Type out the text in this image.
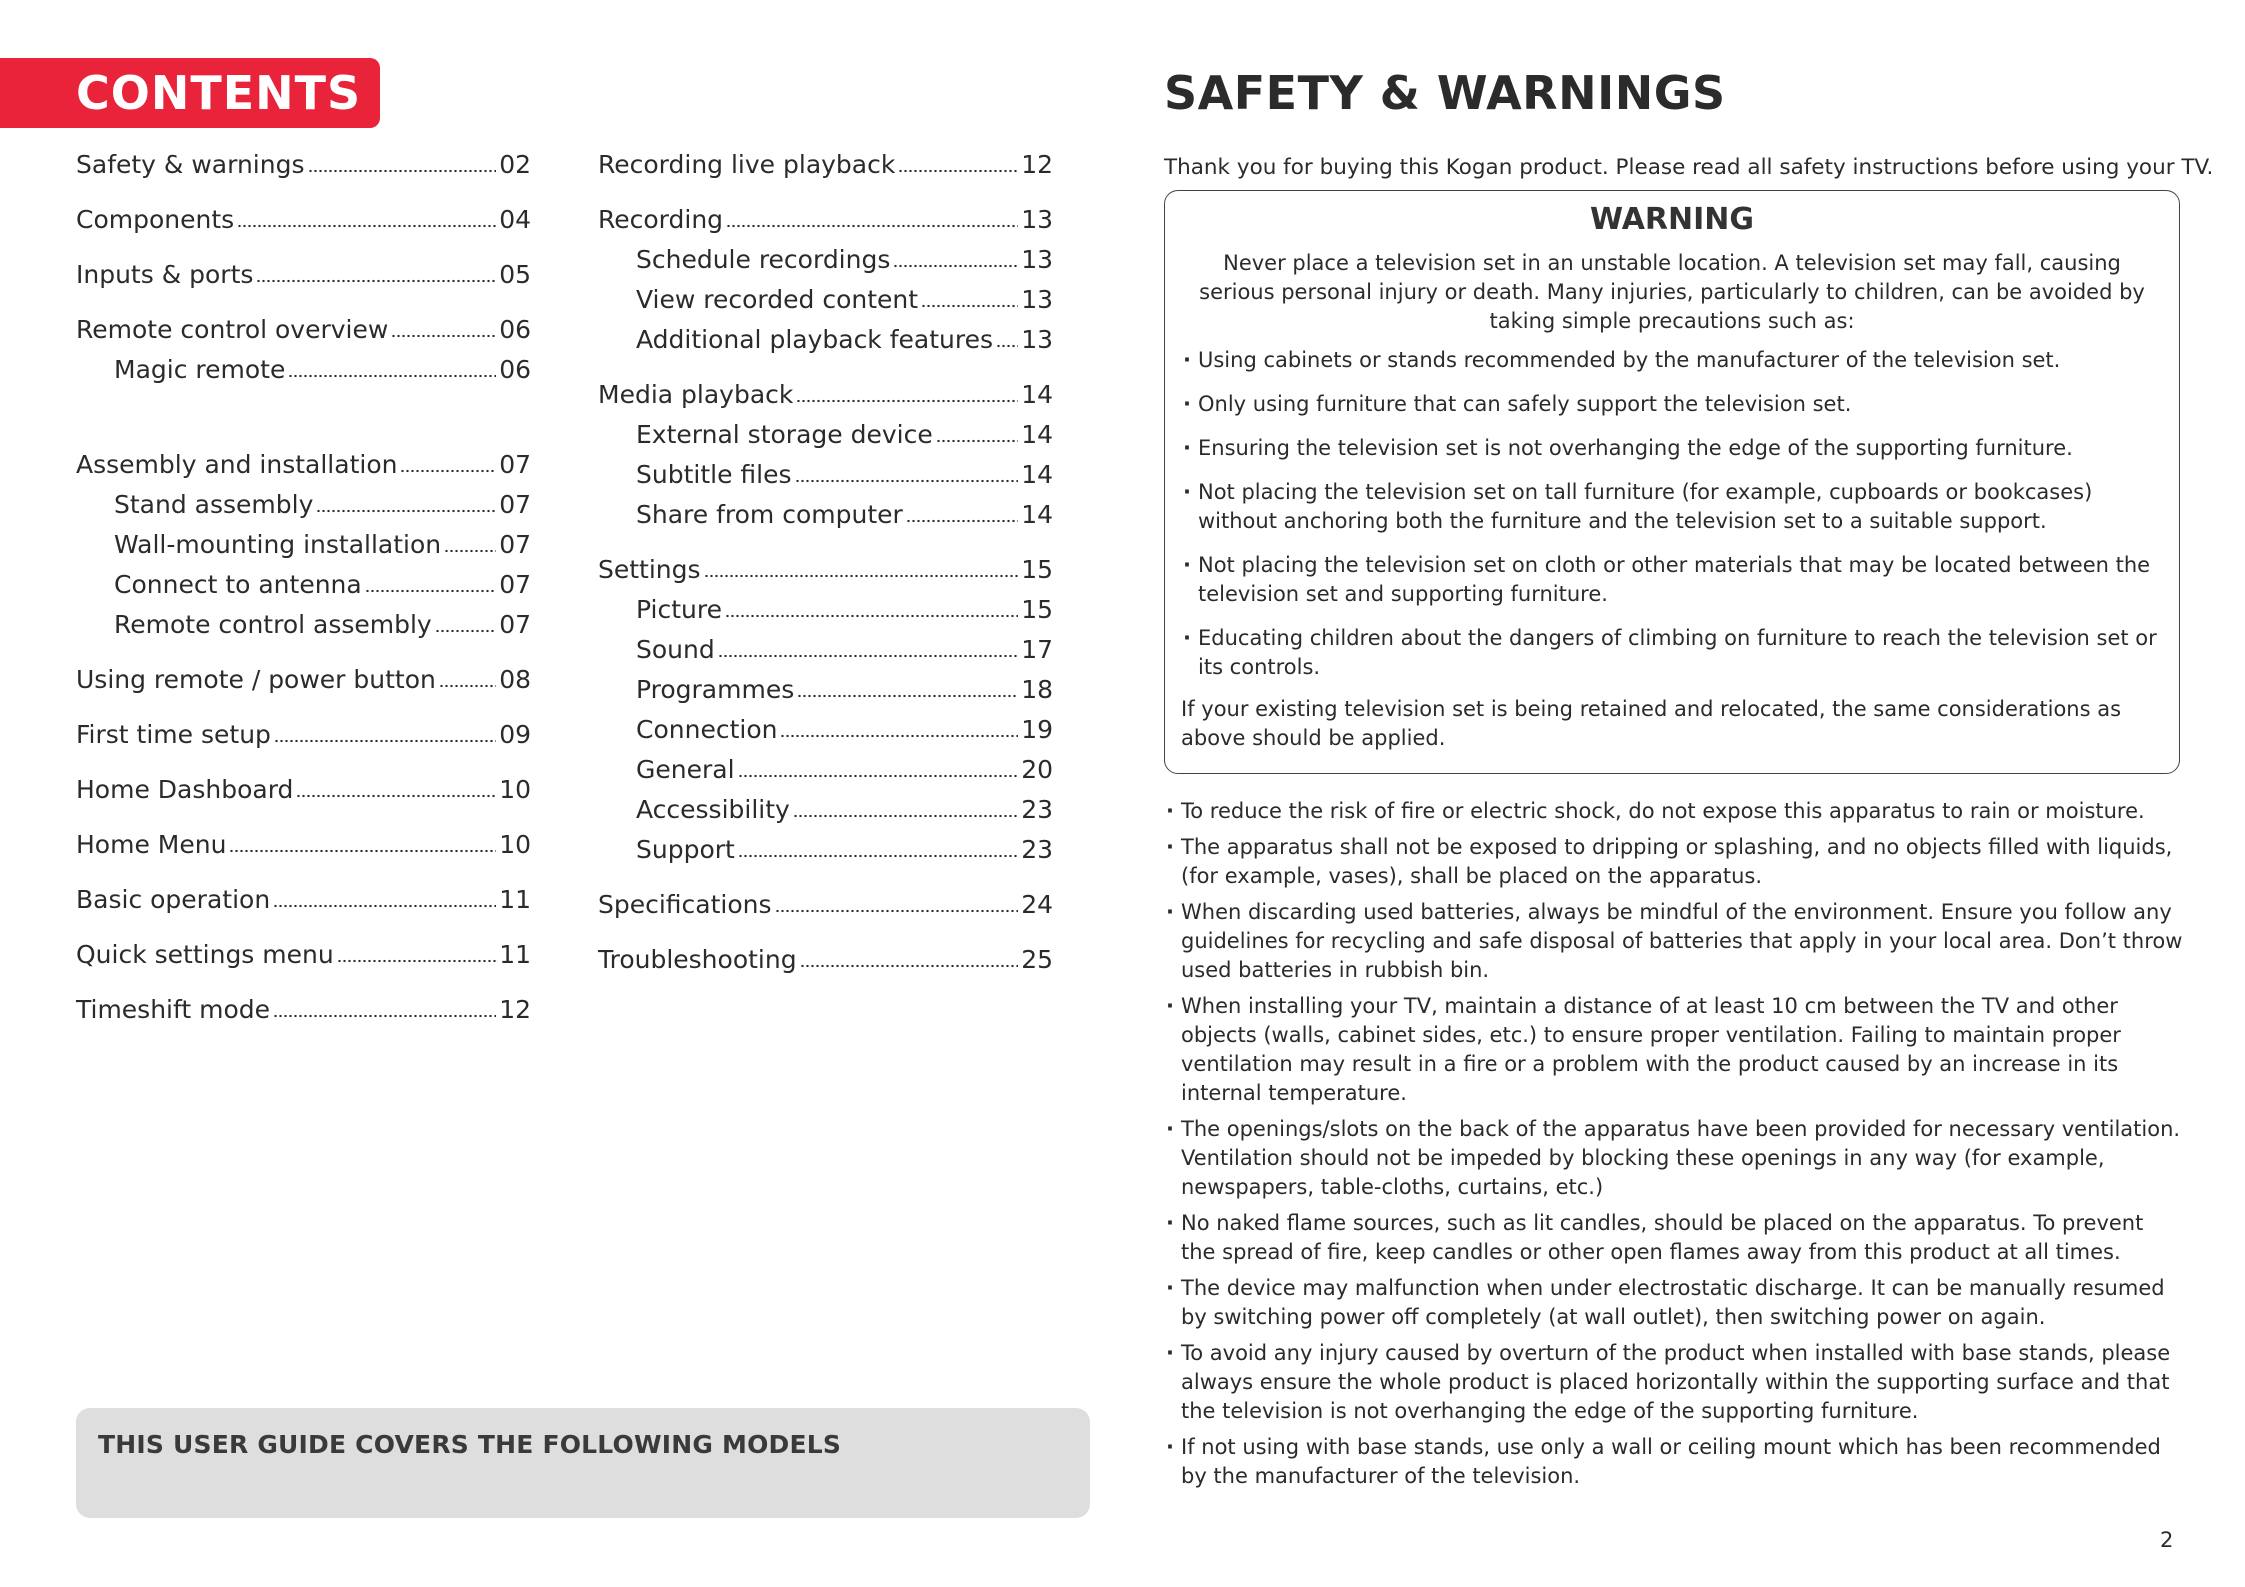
CONTENTS
Safety & warnings	02
Components	04
Inputs & ports	05
Remote control overview	06
Magic remote	06
Assembly and installation	07
Stand assembly	07
Wall-mounting installation 07
Connect to antenna	07
Remote control assembly	07
Using remote / power button	08
First time setup	09
Home Dashboard	10
Home Menu	10
Basic operation	11
Quick settings menu	11
Timeshift mode	12
Recording live playback	12
Recording	13
Schedule recordings	13
View recorded content	13
Additional playback features 13
Media playback	14
External storage device	14
Subtitle files	14
Share from computer	14
Settings	15
Picture	15
Sound	17
Programmes	18
Connection	19
General	20
Accessibility	23
Support	23
Specifications	24
Troubleshooting	25
THIS USER GUIDE COVERS THE FOLLOWING MODELS
SAFETY & WARNINGS
Thank you for buying this Kogan product. Please read all safety instructions before using your TV.
WARNING
Never place a television set in an unstable location. A television set may fall, causing serious personal injury or death. Many injuries, particularly to children, can be avoided by taking simple precautions such as:
· Using cabinets or stands recommended by the manufacturer of the television set.
· Only using furniture that can safely support the television set.
· Ensuring the television set is not overhanging the edge of the supporting furniture.
· Not placing the television set on tall furniture (for example, cupboards or bookcases) without anchoring both the furniture and the television set to a suitable support.
· Not placing the television set on cloth or other materials that may be located between the television set and supporting furniture.
· Educating children about the dangers of climbing on furniture to reach the television set or its controls.
If your existing television set is being retained and relocated, the same considerations as above should be applied.
· To reduce the risk of fire or electric shock, do not expose this apparatus to rain or moisture.
· The apparatus shall not be exposed to dripping or splashing, and no objects filled with liquids, (for example, vases), shall be placed on the apparatus.
· When discarding used batteries, always be mindful of the environment. Ensure you follow any guidelines for recycling and safe disposal of batteries that apply in your local area. Don’t throw used batteries in rubbish bin.
· When installing your TV, maintain a distance of at least 10 cm between the TV and other objects (walls, cabinet sides, etc.) to ensure proper ventilation. Failing to maintain proper ventilation may result in a fire or a problem with the product caused by an increase in its internal temperature.
· The openings/slots on the back of the apparatus have been provided for necessary ventilation. Ventilation should not be impeded by blocking these openings in any way (for example, newspapers, table-cloths, curtains, etc.)
· No naked flame sources, such as lit candles, should be placed on the apparatus. To prevent the spread of fire, keep candles or other open flames away from this product at all times.
· The device may malfunction when under electrostatic discharge. It can be manually resumed by switching power off completely (at wall outlet), then switching power on again.
· To avoid any injury caused by overturn of the product when installed with base stands, please always ensure the whole product is placed horizontally within the supporting surface and that the television is not overhanging the edge of the supporting furniture.
· If not using with base stands, use only a wall or ceiling mount which has been recommended by the manufacturer of the television.
2
